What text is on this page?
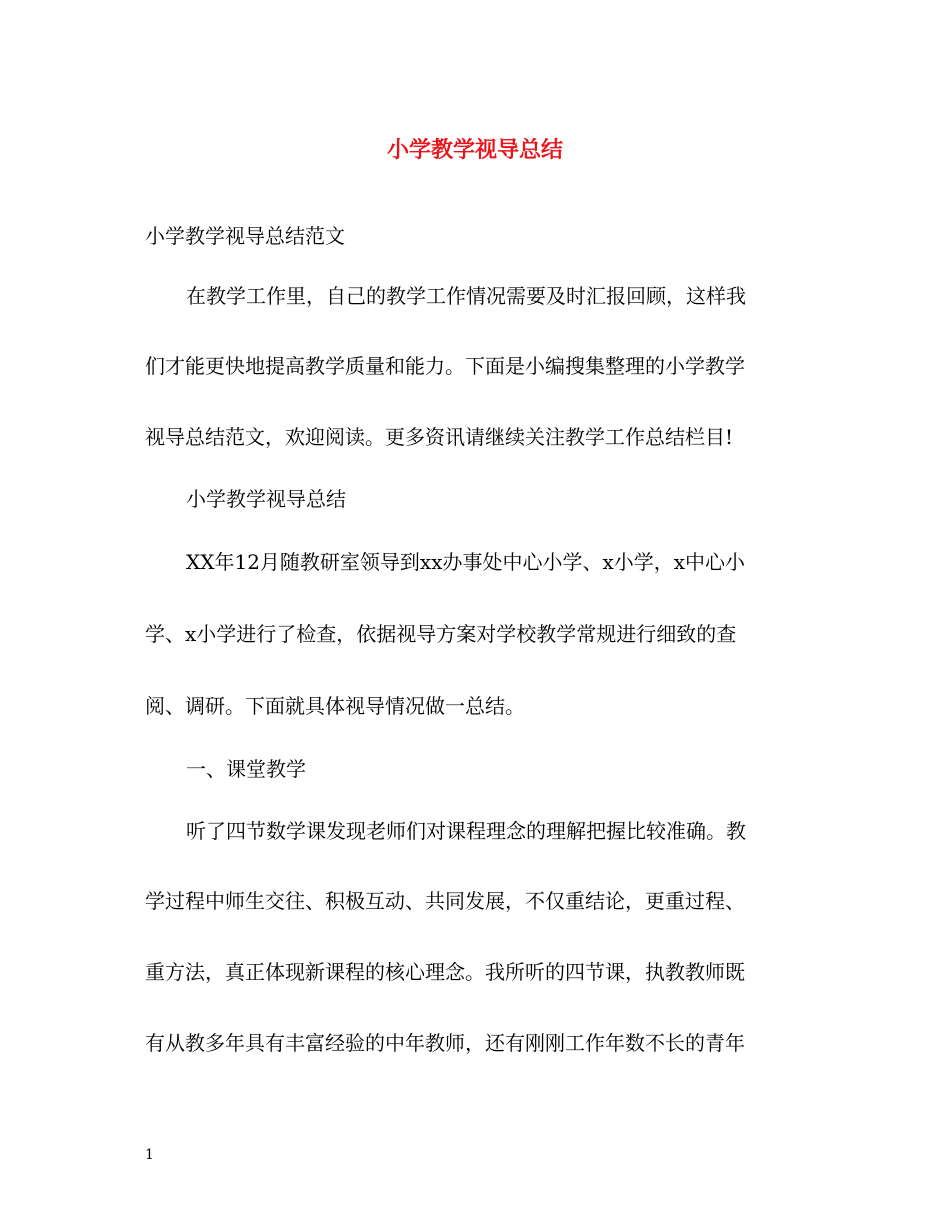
小学教学视导总结

小学教学视导总结范文

在教学工作里，自己的教学工作情况需要及时汇报回顾，这样我

们才能更快地提高教学质量和能力。下面是小编搜集整理的小学教学

视导总结范文，欢迎阅读。更多资讯请继续关注教学工作总结栏目!

小学教学视导总结

XX年12月随教研室领导到xx办事处中心小学、x小学，x中心小

学、x小学进行了检查，依据视导方案对学校教学常规进行细致的查

阅、调研。下面就具体视导情况做一总结。

一、课堂教学

听了四节数学课发现老师们对课程理念的理解把握比较准确。教

学过程中师生交往、积极互动、共同发展，不仅重结论，更重过程、

重方法，真正体现新课程的核心理念。我所听的四节课，执教教师既

有从教多年具有丰富经验的中年教师，还有刚刚工作年数不长的青年

1
